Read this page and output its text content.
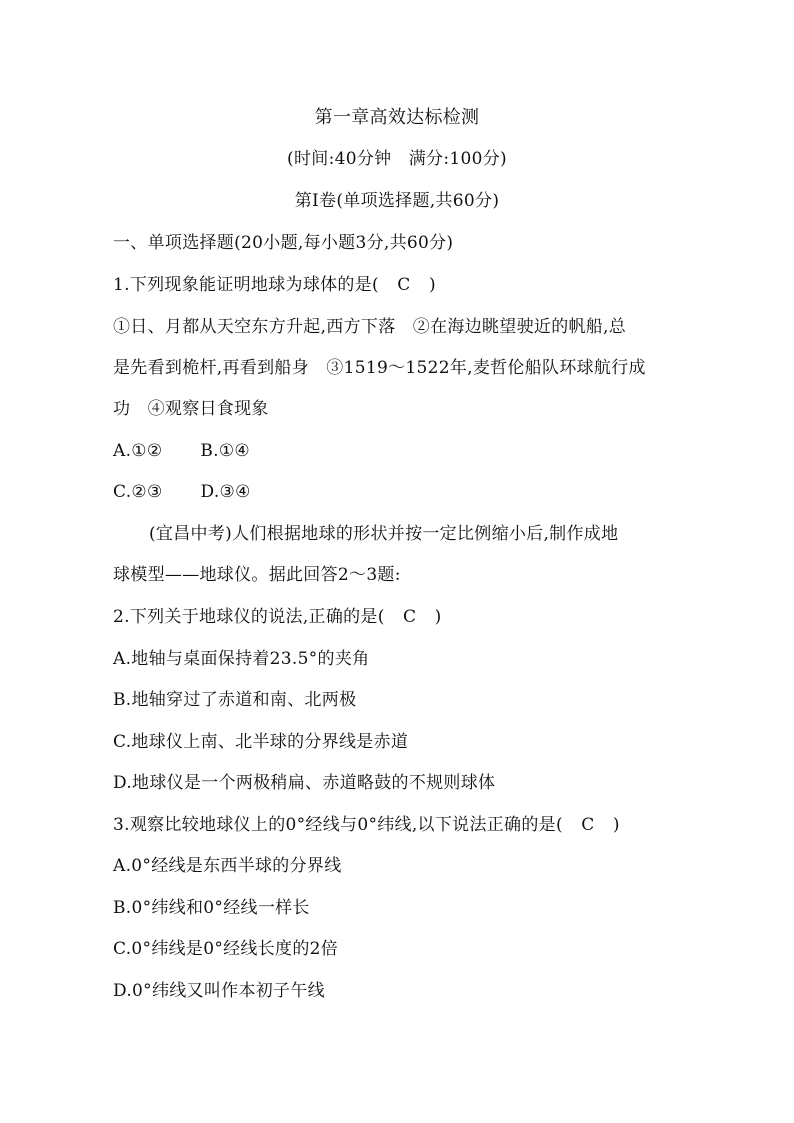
第一章高效达标检测
(时间:40分钟　满分:100分)
第Ⅰ卷(单项选择题,共60分)
一、单项选择题(20小题,每小题3分,共60分)
1.下列现象能证明地球为球体的是( C )
①日、月都从天空东方升起,西方下落　②在海边眺望驶近的帆船,总
是先看到桅杆,再看到船身　③1519～1522年,麦哲伦船队环球航行成
功　④观察日食现象
A.①② B.①④
C.②③ D.③④
(宜昌中考)人们根据地球的形状并按一定比例缩小后,制作成地
球模型——地球仪。据此回答2～3题:
2.下列关于地球仪的说法,正确的是( C )
A.地轴与桌面保持着23.5°的夹角
B.地轴穿过了赤道和南、北两极
C.地球仪上南、北半球的分界线是赤道
D.地球仪是一个两极稍扁、赤道略鼓的不规则球体
3.观察比较地球仪上的0°经线与0°纬线,以下说法正确的是( C )
A.0°经线是东西半球的分界线
B.0°纬线和0°经线一样长
C.0°纬线是0°经线长度的2倍
D.0°纬线又叫作本初子午线
